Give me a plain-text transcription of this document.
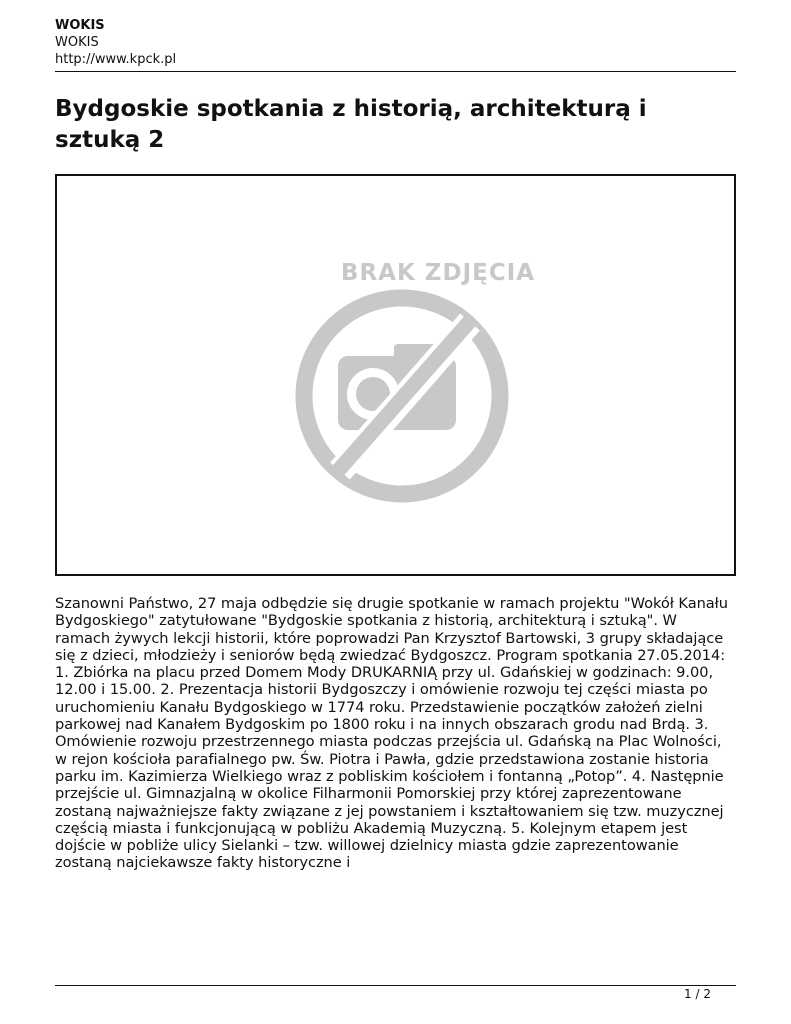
WOKIS
WOKIS
http://www.kpck.pl
Bydgoskie spotkania z historią, architekturą i sztuką 2
BRAK ZDJĘCIA

Szanowni Państwo, 27 maja odbędzie się drugie spotkanie w ramach projektu "Wokół Kanału Bydgoskiego" zatytułowane "Bydgoskie spotkania z historią, architekturą i sztuką". W ramach żywych lekcji historii, które poprowadzi Pan Krzysztof Bartowski, 3 grupy składające się z dzieci, młodzieży i seniorów będą zwiedzać Bydgoszcz. Program spotkania 27.05.2014: 1. Zbiórka na placu przed Domem Mody DRUKARNIĄ przy ul. Gdańskiej w godzinach: 9.00, 12.00 i 15.00. 2. Prezentacja historii Bydgoszczy i omówienie rozwoju tej części miasta po uruchomieniu Kanału Bydgoskiego w 1774 roku. Przedstawienie początków założeń zielni parkowej nad Kanałem Bydgoskim po 1800 roku i na innych obszarach grodu nad Brdą. 3. Omówienie rozwoju przestrzennego miasta podczas przejścia ul. Gdańską na Plac Wolności, w rejon kościoła parafialnego pw. Św. Piotra i Pawła, gdzie przedstawiona zostanie historia parku im. Kazimierza Wielkiego wraz z pobliskim kościołem i fontanną „Potop”. 4. Następnie przejście ul. Gimnazjalną w okolice Filharmonii Pomorskiej przy której zaprezentowane zostaną najważniejsze fakty związane z jej powstaniem i kształtowaniem się tzw. muzycznej częścią miasta i funkcjonującą w pobliżu Akademią Muzyczną. 5. Kolejnym etapem jest dojście w pobliże ulicy Sielanki – tzw. willowej dzielnicy miasta gdzie zaprezentowanie zostaną najciekawsze fakty historyczne i

1 / 2
